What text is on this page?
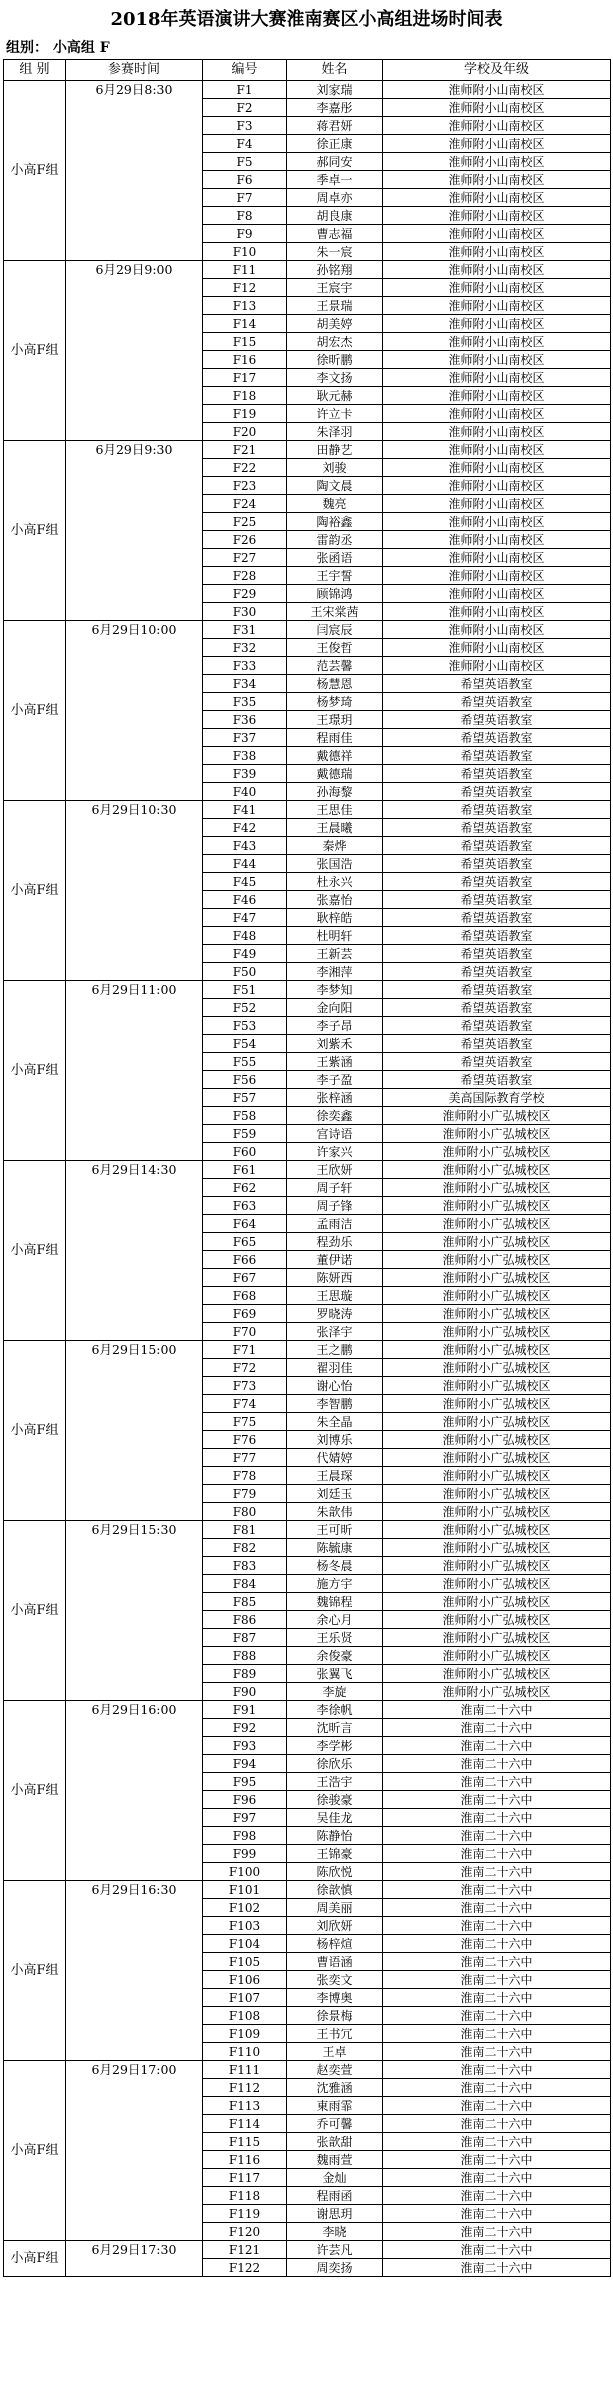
2018年英语演讲大赛淮南赛区小高组进场时间表
组别： 小高组 F
组 别	参赛时间	编号	姓名	学校及年级
小高F组	6月29日8:30	F1	刘家瑞	淮师附小山南校区
		F2	李嘉彤	淮师附小山南校区
		F3	蒋君妍	淮师附小山南校区
		F4	徐正康	淮师附小山南校区
		F5	郝同安	淮师附小山南校区
		F6	季卓一	淮师附小山南校区
		F7	周卓亦	淮师附小山南校区
		F8	胡良康	淮师附小山南校区
		F9	曹志福	淮师附小山南校区
		F10	朱一宸	淮师附小山南校区
小高F组	6月29日9:00	F11	孙铭翔	淮师附小山南校区
		F12	王宸宇	淮师附小山南校区
		F13	王景瑞	淮师附小山南校区
		F14	胡美婷	淮师附小山南校区
		F15	胡宏杰	淮师附小山南校区
		F16	徐昕鹏	淮师附小山南校区
		F17	李文扬	淮师附小山南校区
		F18	耿元赫	淮师附小山南校区
		F19	许立卡	淮师附小山南校区
		F20	朱泽羽	淮师附小山南校区
小高F组	6月29日9:30	F21	田静艺	淮师附小山南校区
		F22	刘骏	淮师附小山南校区
		F23	陶文晨	淮师附小山南校区
		F24	魏亮	淮师附小山南校区
		F25	陶裕鑫	淮师附小山南校区
		F26	雷韵丞	淮师附小山南校区
		F27	张函语	淮师附小山南校区
		F28	王宇誓	淮师附小山南校区
		F29	顾锦鸿	淮师附小山南校区
		F30	王宋棠茜	淮师附小山南校区
小高F组	6月29日10:00	F31	闫宸辰	淮师附小山南校区
		F32	王俊哲	淮师附小山南校区
		F33	范芸馨	淮师附小山南校区
		F34	杨慧恩	希望英语教室
		F35	杨梦琦	希望英语教室
		F36	王璟玥	希望英语教室
		F37	程雨佳	希望英语教室
		F38	戴德祥	希望英语教室
		F39	戴德瑞	希望英语教室
		F40	孙海黎	希望英语教室
小高F组	6月29日10:30	F41	王思佳	希望英语教室
		F42	王晨曦	希望英语教室
		F43	秦烨	希望英语教室
		F44	张国浩	希望英语教室
		F45	杜永兴	希望英语教室
		F46	张嘉怡	希望英语教室
		F47	耿梓皓	希望英语教室
		F48	杜明轩	希望英语教室
		F49	王新芸	希望英语教室
		F50	李湘萍	希望英语教室
小高F组	6月29日11:00	F51	李梦知	希望英语教室
		F52	金向阳	希望英语教室
		F53	李子昂	希望英语教室
		F54	刘紫禾	希望英语教室
		F55	王紫涵	希望英语教室
		F56	李子盈	希望英语教室
		F57	张梓涵	美高国际教育学校
		F58	徐奕鑫	淮师附小广弘城校区
		F59	宫诗语	淮师附小广弘城校区
		F60	许家兴	淮师附小广弘城校区
小高F组	6月29日14:30	F61	王欣妍	淮师附小广弘城校区
		F62	周子轩	淮师附小广弘城校区
		F63	周子锋	淮师附小广弘城校区
		F64	孟雨洁	淮师附小广弘城校区
		F65	程劲乐	淮师附小广弘城校区
		F66	董伊诺	淮师附小广弘城校区
		F67	陈妍西	淮师附小广弘城校区
		F68	王思璇	淮师附小广弘城校区
		F69	罗晓涛	淮师附小广弘城校区
		F70	张泽宇	淮师附小广弘城校区
小高F组	6月29日15:00	F71	王之鹏	淮师附小广弘城校区
		F72	翟羽佳	淮师附小广弘城校区
		F73	谢心怡	淮师附小广弘城校区
		F74	李智鹏	淮师附小广弘城校区
		F75	朱全晶	淮师附小广弘城校区
		F76	刘博乐	淮师附小广弘城校区
		F77	代婧婷	淮师附小广弘城校区
		F78	王晨琛	淮师附小广弘城校区
		F79	刘廷玉	淮师附小广弘城校区
		F80	朱歆伟	淮师附小广弘城校区
小高F组	6月29日15:30	F81	王可昕	淮师附小广弘城校区
		F82	陈毓康	淮师附小广弘城校区
		F83	杨冬晨	淮师附小广弘城校区
		F84	施方宇	淮师附小广弘城校区
		F85	魏锦程	淮师附小广弘城校区
		F86	余心月	淮师附小广弘城校区
		F87	王乐贤	淮师附小广弘城校区
		F88	余俊豪	淮师附小广弘城校区
		F89	张翼飞	淮师附小广弘城校区
		F90	李旋	淮师附小广弘城校区
小高F组	6月29日16:00	F91	李徐帆	淮南二十六中
		F92	沈昕言	淮南二十六中
		F93	李学彬	淮南二十六中
		F94	徐欣乐	淮南二十六中
		F95	王浩宇	淮南二十六中
		F96	徐骏豪	淮南二十六中
		F97	吴佳龙	淮南二十六中
		F98	陈静怡	淮南二十六中
		F99	王锦豪	淮南二十六中
		F100	陈欣悦	淮南二十六中
小高F组	6月29日16:30	F101	徐歆慎	淮南二十六中
		F102	周美丽	淮南二十六中
		F103	刘欣妍	淮南二十六中
		F104	杨梓煊	淮南二十六中
		F105	曹语涵	淮南二十六中
		F106	张奕文	淮南二十六中
		F107	李博奥	淮南二十六中
		F108	徐景梅	淮南二十六中
		F109	王书冗	淮南二十六中
		F110	王卓	淮南二十六中
小高F组	6月29日17:00	F111	赵奕萱	淮南二十六中
		F112	沈雅涵	淮南二十六中
		F113	東雨霏	淮南二十六中
		F114	乔可馨	淮南二十六中
		F115	张歆甜	淮南二十六中
		F116	魏雨萱	淮南二十六中
		F117	金灿	淮南二十六中
		F118	程雨函	淮南二十六中
		F119	谢思玥	淮南二十六中
		F120	李晓	淮南二十六中
小高F组	6月29日17:30	F121	许芸凡	淮南二十六中
		F122	周奕扬	淮南二十六中
